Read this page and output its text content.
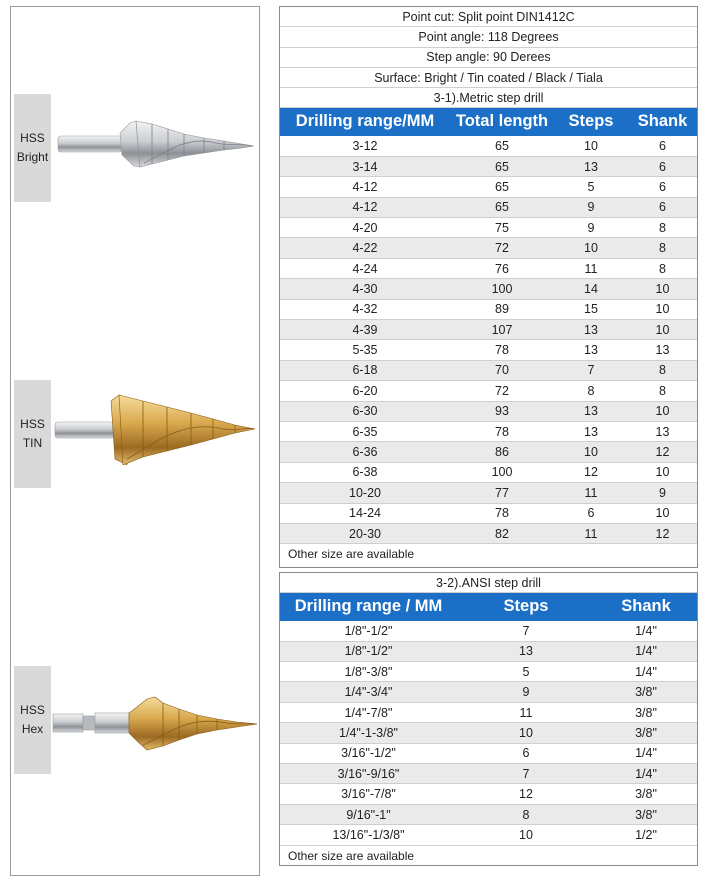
HSS
Bright
HSS
TIN
HSS
Hex
Point cut: Split point DIN1412C
Point angle: 118 Degrees
Step angle: 90 Derees
Surface: Bright / Tin coated / Black / Tiala
3-1).Metric step drill
Drilling range/MM	Total length	Steps	Shank
3-12	65	10	6
3-14	65	13	6
4-12	65	5	6
4-12	65	9	6
4-20	75	9	8
4-22	72	10	8
4-24	76	11	8
4-30	100	14	10
4-32	89	15	10
4-39	107	13	10
5-35	78	13	13
6-18	70	7	8
6-20	72	8	8
6-30	93	13	10
6-35	78	13	13
6-36	86	10	12
6-38	100	12	10
10-20	77	11	9
14-24	78	6	10
20-30	82	11	12
Other size are available
3-2).ANSI step drill
Drilling range / MM	Steps	Shank
1/8"-1/2"	7	1/4"
1/8"-1/2"	13	1/4"
1/8"-3/8"	5	1/4"
1/4"-3/4"	9	3/8"
1/4"-7/8"	11	3/8"
1/4"-1-3/8"	10	3/8"
3/16"-1/2"	6	1/4"
3/16"-9/16"	7	1/4"
3/16"-7/8"	12	3/8"
9/16"-1"	8	3/8"
13/16"-1/3/8"	10	1/2"
Other size are available
